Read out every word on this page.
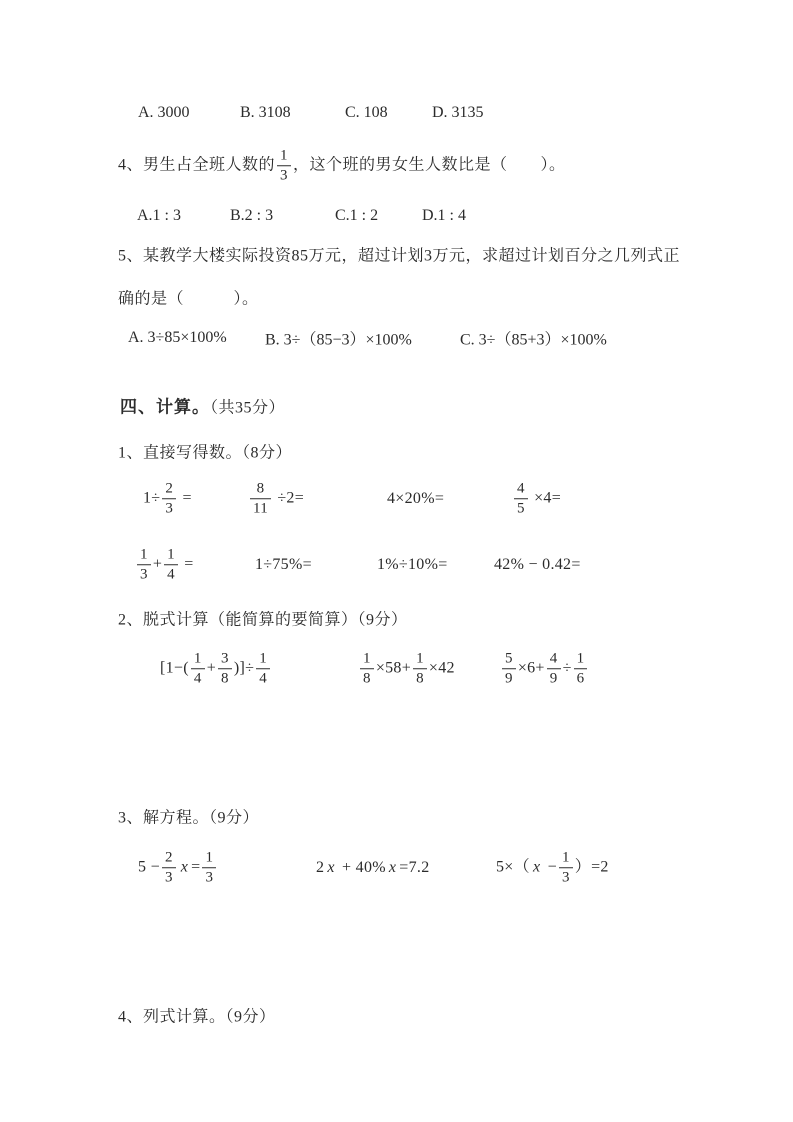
A. 3000	B. 3108	C. 108	D. 3135
4、男生占全班人数的 $\frac{1}{3}$ ，这个班的男女生人数比是（　　）。
A.1 : 3	B.2 : 3	C.1 : 2	D.1 : 4
5、某教学大楼实际投资85万元，超过计划3万元，求超过计划百分之几列式正
确的是（　　　）。
A. 3÷85×100% B. 3÷（85−3）×100%	C. 3÷（85+3）×100%
四、计算。（共35分）
1、直接写得数。（8分）
$1\div \frac{2}{3}$ =	$\frac{8}{11} \div 2=$	4×20%=	$\frac{4}{5} \times 4=$
$\frac{1}{3} + \frac{1}{4}$ =	1÷75%=	1%÷10%=	42% − 0.42=
2、脱式计算（能简算的要简算）（9分）
[$1-( \frac{1}{4} + \frac{3}{8}$ )]÷ $\frac{1}{4}$	$\frac{1}{8} \times 58+ \frac{1}{8} \times 42$	$\frac{5}{9} \times 6+ \frac{4}{9} \div \frac{1}{6}$
3、解方程。（9分）
$5 - \frac{2}{3}$ $x = \frac{1}{3}$	2 x + 40% x =7.2	5×（ $x - \frac{1}{3} )=2$
4、列式计算。（9分）
